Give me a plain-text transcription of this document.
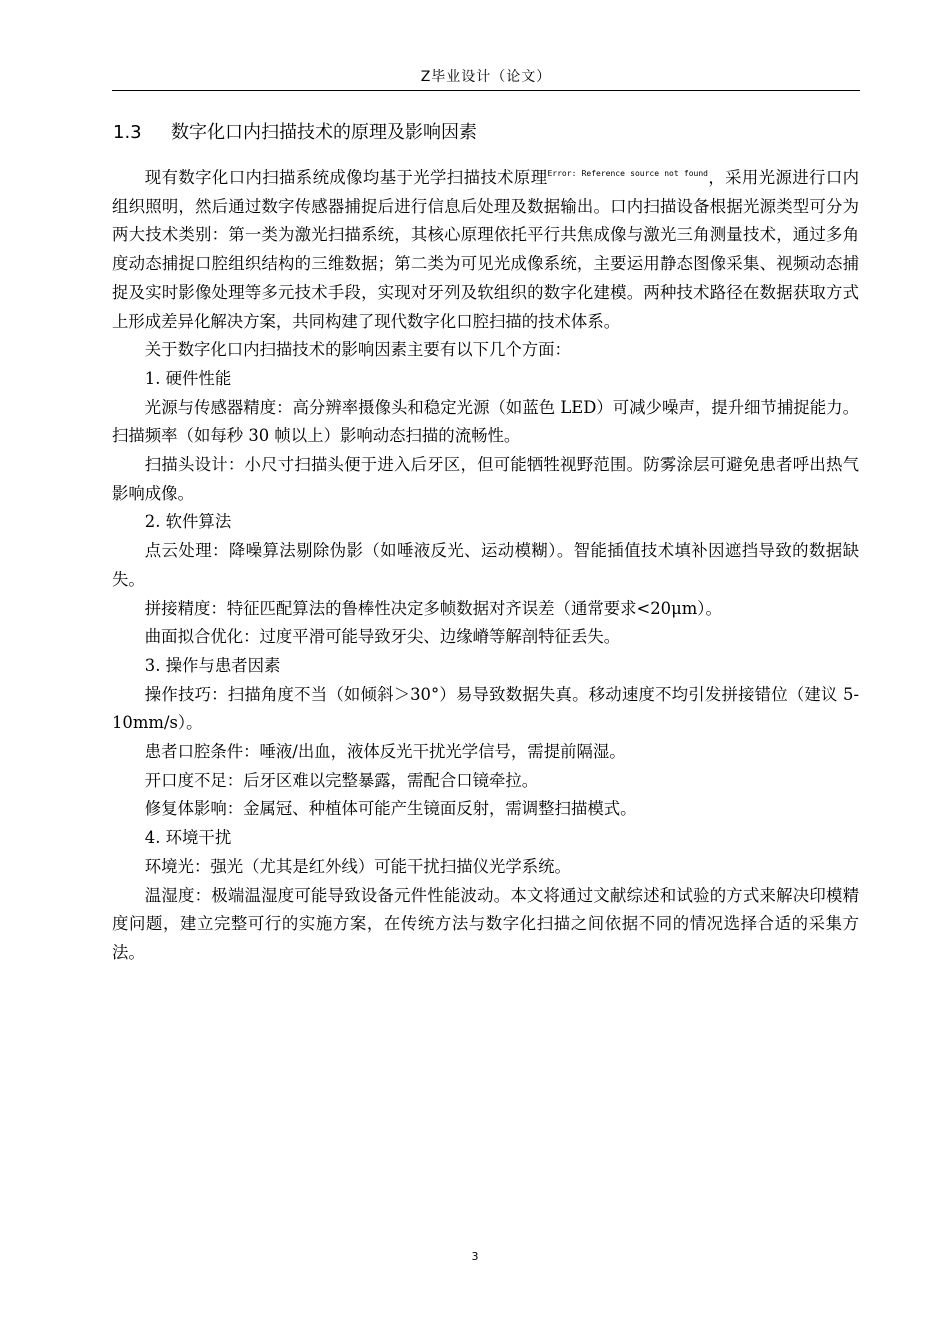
Z毕业设计（论文）
1.3 数字化口内扫描技术的原理及影响因素

现有数字化口内扫描系统成像均基于光学扫描技术原理$^{Error: Reference source not found}$，采用光源进行口内组织照明，然后通过数字传感器捕捉后进行信息后处理及数据输出。口内扫描设备根据光源类型可分为两大技术类别：第一类为激光扫描系统，其核心原理依托平行共焦成像与激光三角测量技术，通过多角度动态捕捉口腔组织结构的三维数据；第二类为可见光成像系统，主要运用静态图像采集、视频动态捕捉及实时影像处理等多元技术手段，实现对牙列及软组织的数字化建模。两种技术路径在数据获取方式上形成差异化解决方案，共同构建了现代数字化口腔扫描的技术体系。

关于数字化口内扫描技术的影响因素主要有以下几个方面：

1. 硬件性能

光源与传感器精度：高分辨率摄像头和稳定光源（如蓝色 LED）可减少噪声，提升细节捕捉能力。扫描频率（如每秒 30 帧以上）影响动态扫描的流畅性。

扫描头设计：小尺寸扫描头便于进入后牙区，但可能牺牲视野范围。防雾涂层可避免患者呼出热气影响成像。

2. 软件算法

点云处理：降噪算法剔除伪影（如唾液反光、运动模糊）。智能插值技术填补因遮挡导致的数据缺失。

拼接精度：特征匹配算法的鲁棒性决定多帧数据对齐误差（通常要求<20μm）。

曲面拟合优化：过度平滑可能导致牙尖、边缘嵴等解剖特征丢失。

3. 操作与患者因素

操作技巧：扫描角度不当（如倾斜＞30°）易导致数据失真。移动速度不均引发拼接错位（建议 5-10mm/s）。

患者口腔条件：唾液/出血，液体反光干扰光学信号，需提前隔湿。

开口度不足：后牙区难以完整暴露，需配合口镜牵拉。

修复体影响：金属冠、种植体可能产生镜面反射，需调整扫描模式。

4. 环境干扰

环境光：强光（尤其是红外线）可能干扰扫描仪光学系统。

温湿度：极端温湿度可能导致设备元件性能波动。本文将通过文献综述和试验的方式来解决印模精度问题，建立完整可行的实施方案，在传统方法与数字化扫描之间依据不同的情况选择合适的采集方法。

3
